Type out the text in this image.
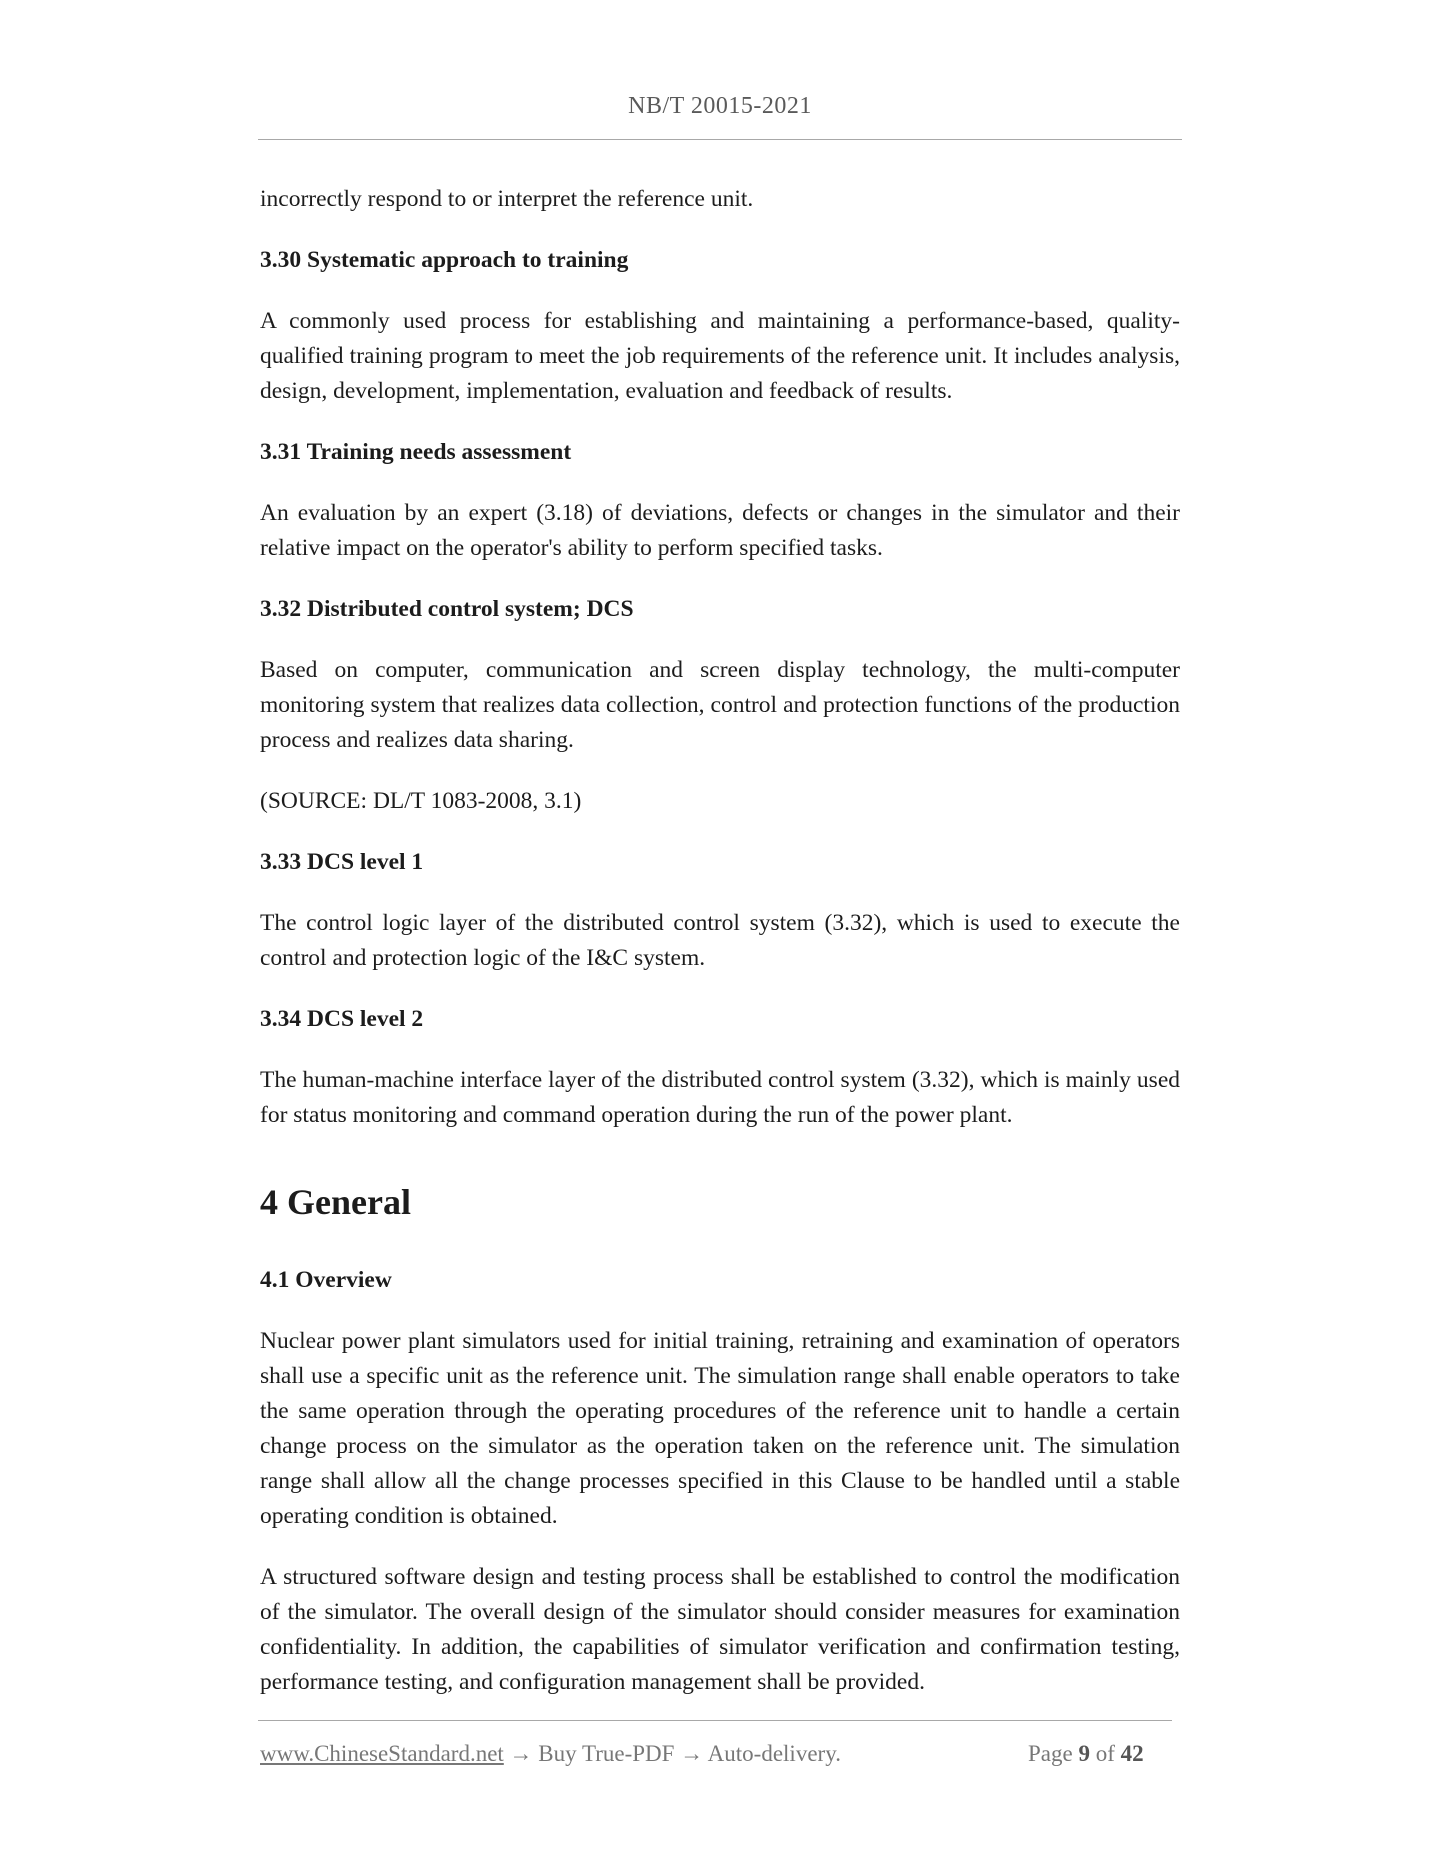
NB/T 20015-2021

incorrectly respond to or interpret the reference unit.

3.30 Systematic approach to training

A commonly used process for establishing and maintaining a performance-based, quality-qualified training program to meet the job requirements of the reference unit. It includes analysis, design, development, implementation, evaluation and feedback of results.

3.31 Training needs assessment

An evaluation by an expert (3.18) of deviations, defects or changes in the simulator and their relative impact on the operator's ability to perform specified tasks.

3.32 Distributed control system; DCS

Based on computer, communication and screen display technology, the multi-computer monitoring system that realizes data collection, control and protection functions of the production process and realizes data sharing.

(SOURCE: DL/T 1083-2008, 3.1)

3.33 DCS level 1

The control logic layer of the distributed control system (3.32), which is used to execute the control and protection logic of the I&C system.

3.34 DCS level 2

The human-machine interface layer of the distributed control system (3.32), which is mainly used for status monitoring and command operation during the run of the power plant.

4 General

4.1 Overview

Nuclear power plant simulators used for initial training, retraining and examination of operators shall use a specific unit as the reference unit. The simulation range shall enable operators to take the same operation through the operating procedures of the reference unit to handle a certain change process on the simulator as the operation taken on the reference unit. The simulation range shall allow all the change processes specified in this Clause to be handled until a stable operating condition is obtained.

A structured software design and testing process shall be established to control the modification of the simulator. The overall design of the simulator should consider measures for examination confidentiality. In addition, the capabilities of simulator verification and confirmation testing, performance testing, and configuration management shall be provided.

www.ChineseStandard.net → Buy True-PDF → Auto-delivery.	Page 9 of 42
